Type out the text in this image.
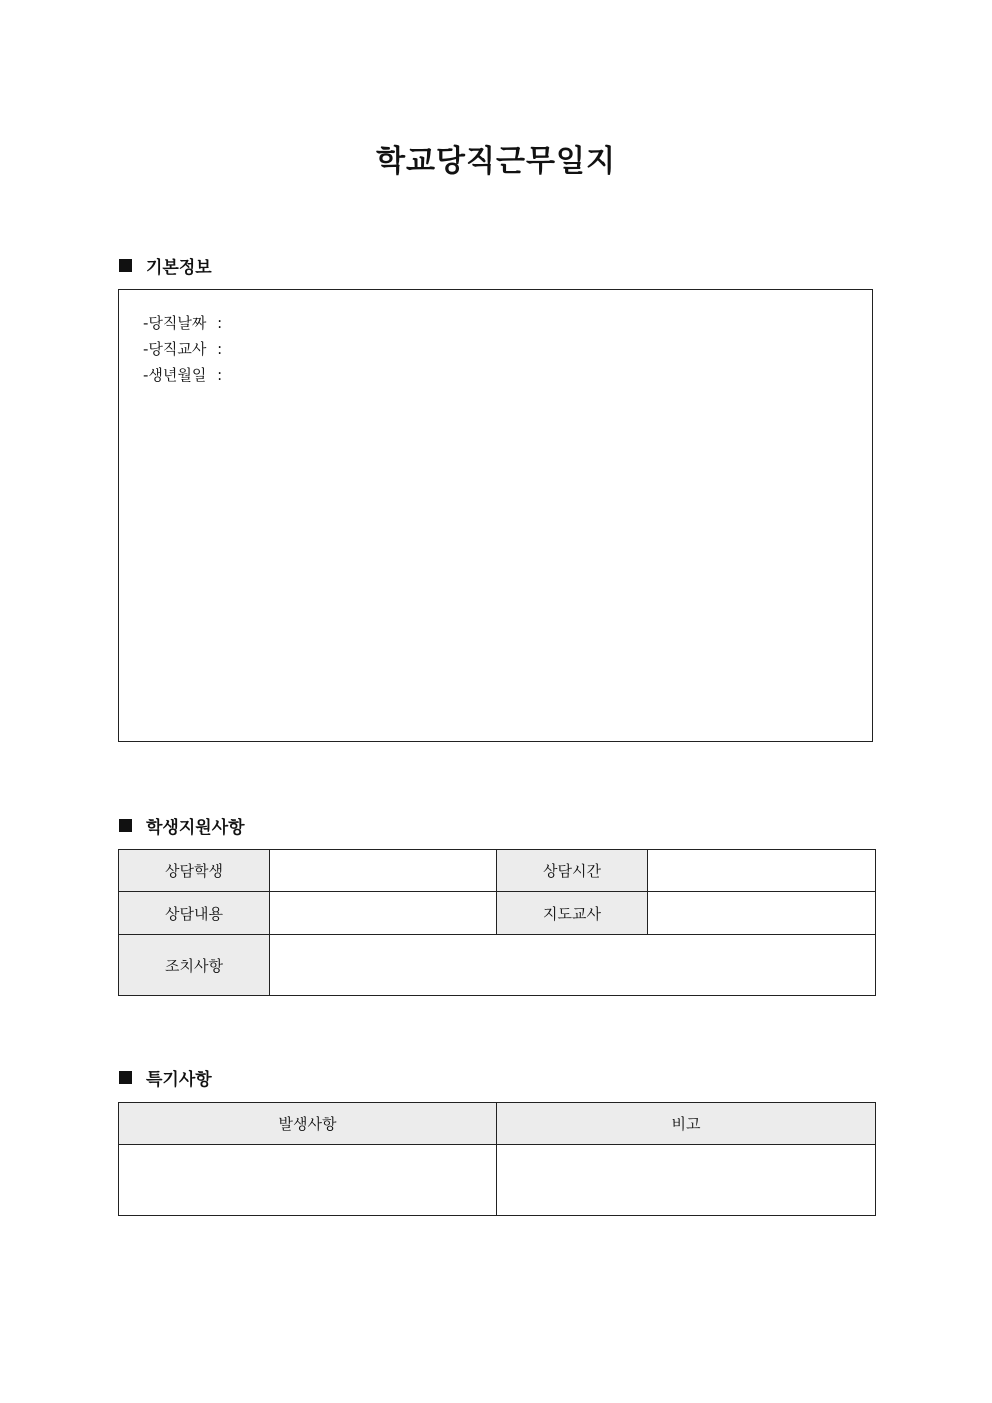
학교당직근무일지
기본정보
-당직날짜 :
-당직교사 :
-생년월일 :
학생지원사항
상담학생		상담시간	
상담내용		지도교사	
조치사항			
특기사항
발생사항	비고
